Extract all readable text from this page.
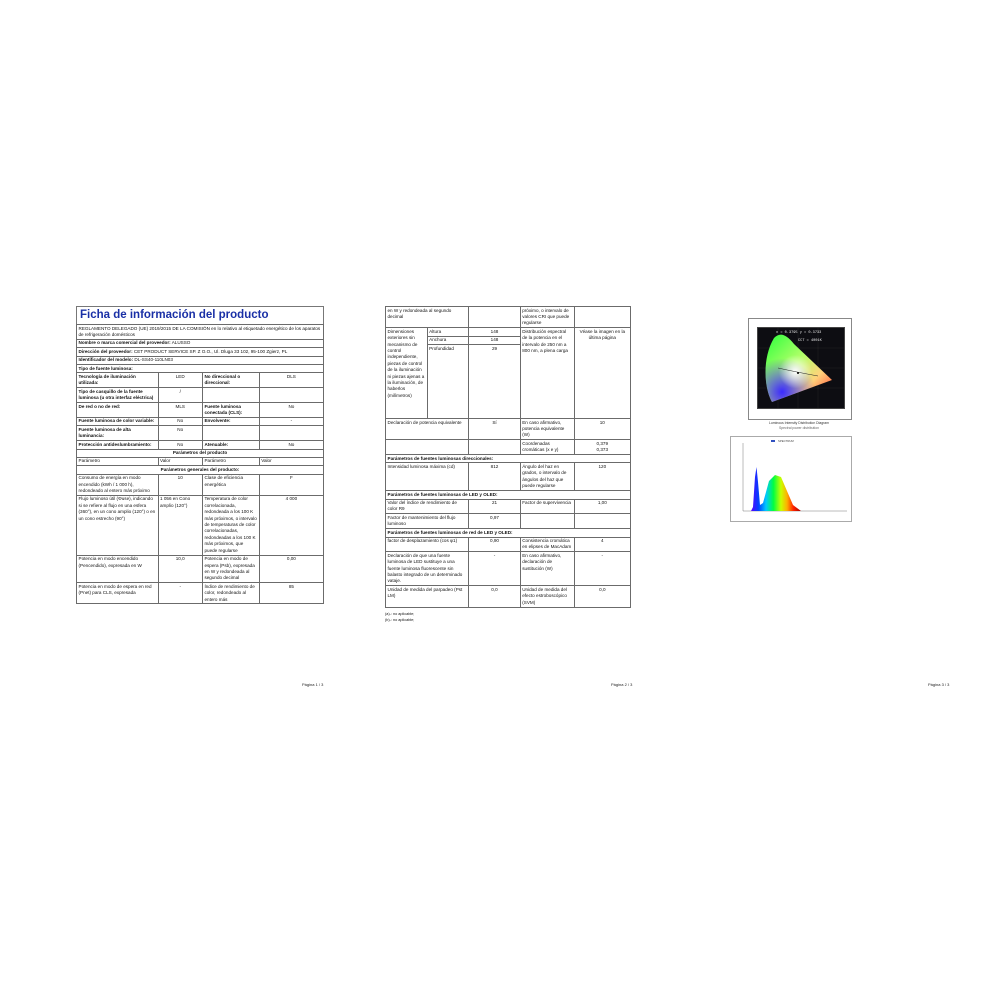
Ficha de información del producto
REGLAMENTO DELEGADO (UE) 2019/2015 DE LA COMISIÓN en lo relativo al etiquetado energético de los aparatos de refrigeración domésticos			
Nombre o marca comercial del proveedor: ALUSSO			
Dirección del proveedor: CET PRODUCT SERVICE SP. Z O.O., Ul. Dluga 33 102, 95-100 Zgierz, PL			
Identificador del modelo: DL-SS40-110LN03			
Tipo de fuente luminosa:			
Tecnología de iluminación utilizada:	LED	No direccional o direccional:	DLS
Tipo de casquillo de la fuente luminosa (u otra interfaz eléctrica)	/		
De red o no de red:	MLS	Fuente luminosa conectada (CLS):	No
Fuente luminosa de color variable:	No	Envolvente:	-
Fuente luminosa de alta luminancia:	No		
Protección antideslumbramiento:	No	Atenuable:	No
Parámetros del producto			
Parámetro	Valor	Parámetro	Valor
Parámetros generales del producto:			
Consumo de energía en modo encendido (kWh / 1 000 h), redondeado al entero más próximo	10	Clase de eficiencia energética	F
Flujo luminoso útil (Φuse), indicando si se refiere al flujo en una esfera (360°), en un cono amplio (120°) o en un cono estrecho (90°)	1 056 en Cono amplio (120°)	Temperatura de color correlacionada, redondeada a los 100 K más próximos, o intervalo de temperaturas de color correlacionadas, redondeadas a los 100 K más próximos, que puede regularse	4 000
Potencia en modo encendido (Pencendido), expresada en W	10,0	Potencia en modo de espera (Psb), expresada en W y redondeada al segundo decimal	0,00
Potencia en modo de espera en red (Pnet) para CLS, expresada	-	Índice de rendimiento de color, redondeado al entero más	85
Página 1 / 3
en W y redondeada al segundo decimal			próximo, o intervalo de valores CRI que puede regularse	
Dimensiones exteriores sin mecanismo de control independiente, piezas de control de la iluminación ni piezas ajenas a la iluminación, de haberlos (milímetros)	Altura	148	Distribución espectral de la potencia en el intervalo de 250 nm a 800 nm, a plena carga	Véase la imagen en la última página
	Anchura	148		
	Profundidad	29		
Declaración de potencia equivalente		Sí	En caso afirmativo, potencia equivalente (W)	10
			Coordenadas cromáticas (x e y)	0,379
0,373
Parámetros de fuentes luminosas direccionales:				
Intensidad luminosa máxima (cd)		812	Ángulo del haz en grados, o intervalo de ángulos del haz que puede regularse	120
Parámetros de fuentes luminosas de LED y OLED:				
Valor del índice de rendimiento de color R9		21	Factor de supervivencia	1,00
Factor de mantenimiento del flujo luminoso		0,97		
Parámetros de fuentes luminosas de red de LED y OLED:				
factor de desplazamiento (cos φ1)		0,90	Consistencia cromática en elipses de MacAdam	4
Declaración de que una fuente luminosa de LED sustituye a una fuente luminosa fluorescente sin balasto integrado de un determinado vataje.		-	En caso afirmativo, declaración de sustitución (W)	-
Unidad de medida del parpadeo (Pst LM)		0,0	Unidad de medida del efecto estroboscópico (SVM)	0,0
(a)-: no aplicable;
(b)-: no aplicable;
Página 2 / 3
x = 0.3795 y = 0.3733
CCT = 4001K
Luminous Intensity Distribution Diagram
Spectral power distribution
SPECTRUM
Página 3 / 3
